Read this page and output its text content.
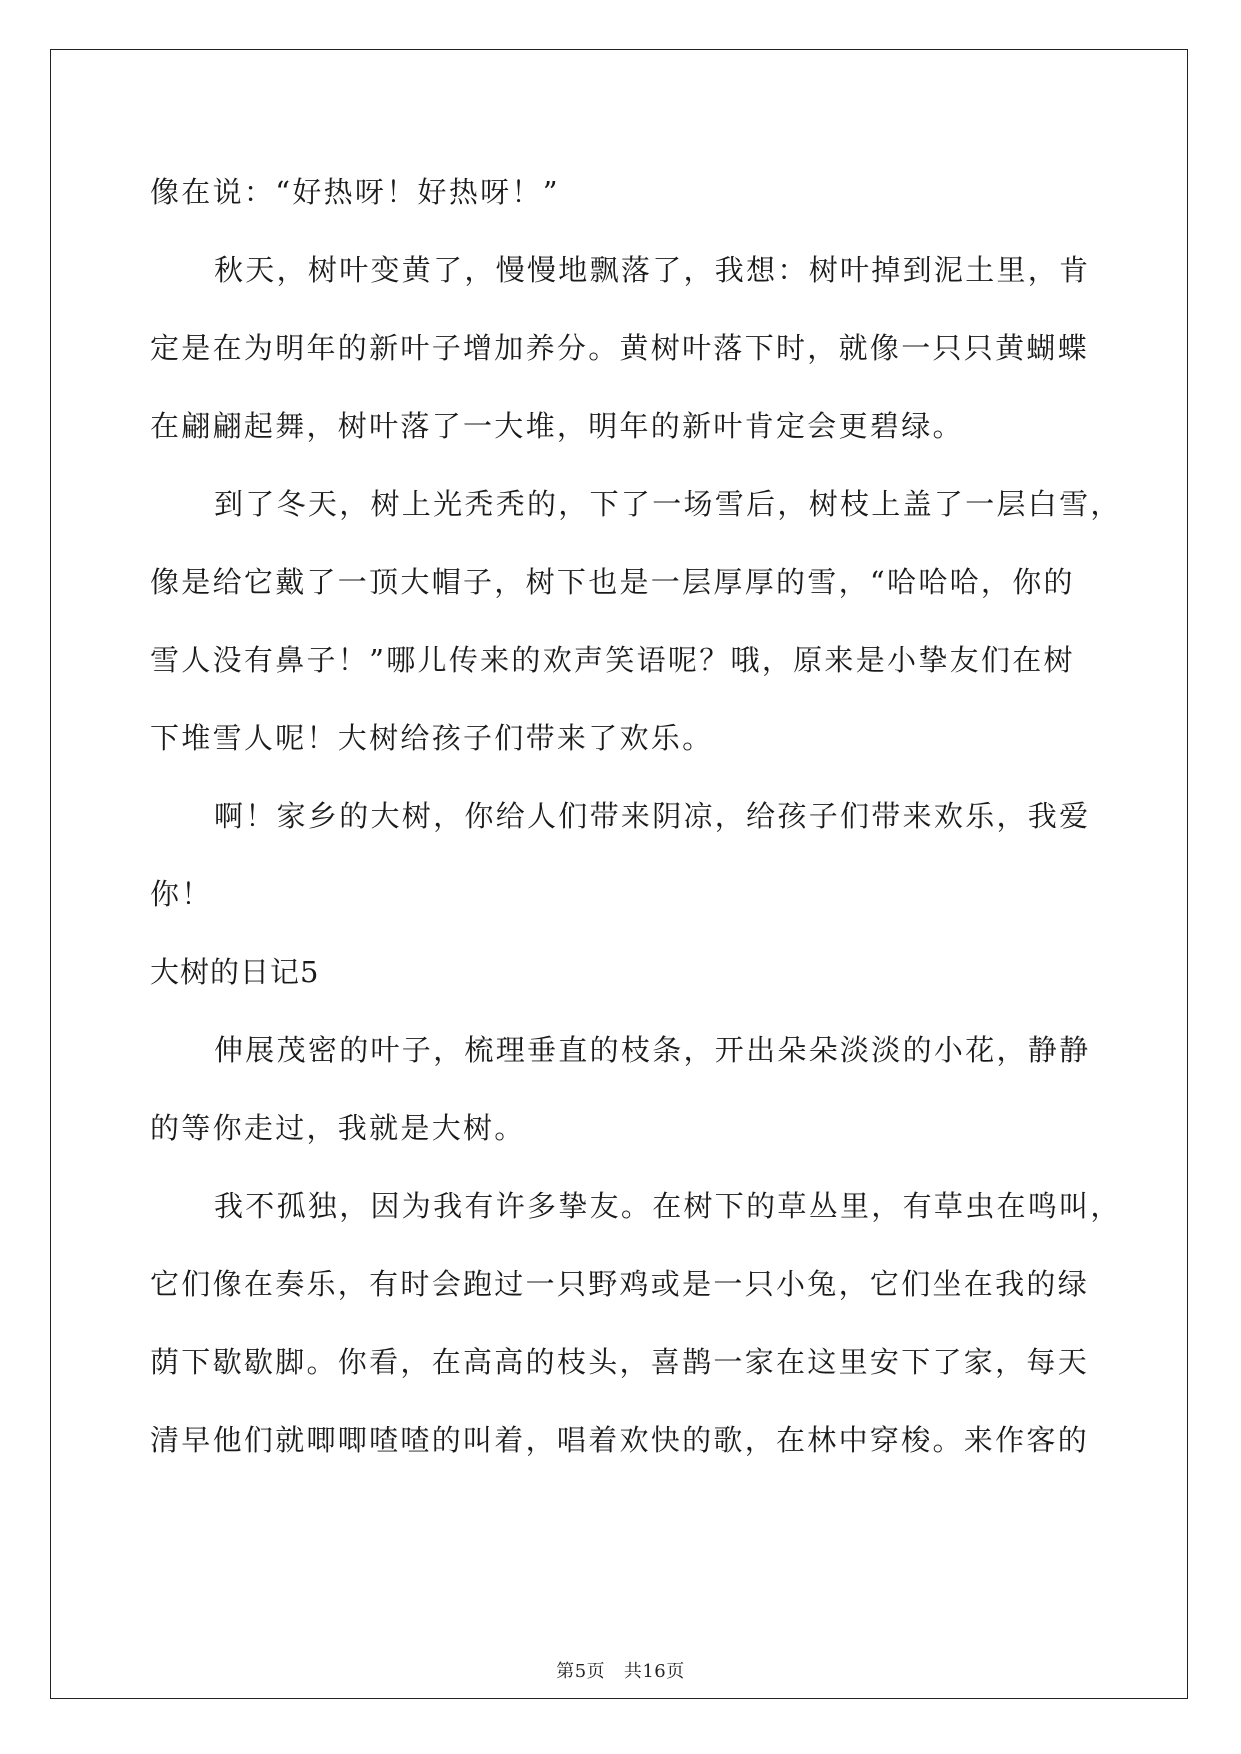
像在说：“好热呀！好热呀！”
秋天，树叶变黄了，慢慢地飘落了，我想：树叶掉到泥土里，肯
定是在为明年的新叶子增加养分。黄树叶落下时，就像一只只黄蝴蝶
在翩翩起舞，树叶落了一大堆，明年的新叶肯定会更碧绿。
到了冬天，树上光秃秃的，下了一场雪后，树枝上盖了一层白雪，
像是给它戴了一顶大帽子，树下也是一层厚厚的雪，“哈哈哈，你的
雪人没有鼻子！”哪儿传来的欢声笑语呢？哦，原来是小挚友们在树
下堆雪人呢！大树给孩子们带来了欢乐。
啊！家乡的大树，你给人们带来阴凉，给孩子们带来欢乐，我爱
你！
大树的日记5
伸展茂密的叶子，梳理垂直的枝条，开出朵朵淡淡的小花，静静
的等你走过，我就是大树。
我不孤独，因为我有许多挚友。在树下的草丛里，有草虫在鸣叫，
它们像在奏乐，有时会跑过一只野鸡或是一只小兔，它们坐在我的绿
荫下歇歇脚。你看，在高高的枝头，喜鹊一家在这里安下了家，每天
清早他们就唧唧喳喳的叫着，唱着欢快的歌，在林中穿梭。来作客的
第5页   共16页
